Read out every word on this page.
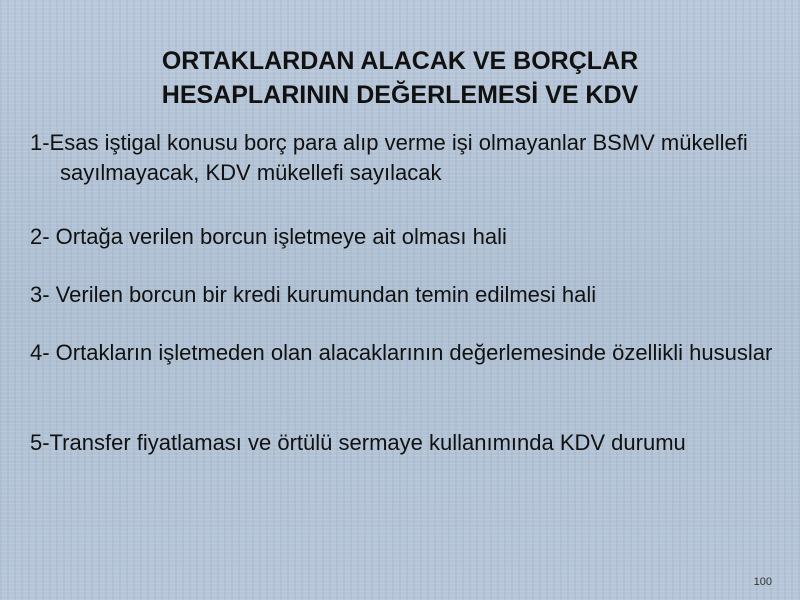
ORTAKLARDAN ALACAK VE BORÇLAR
HESAPLARININ DEĞERLEMESİ VE KDV

1-Esas iştigal konusu borç para alıp verme işi olmayanlar BSMV mükellefi sayılmayacak, KDV mükellefi sayılacak

2- Ortağa verilen borcun işletmeye ait olması hali

3- Verilen borcun bir kredi kurumundan temin edilmesi hali

4- Ortakların işletmeden olan alacaklarının değerlemesinde özellikli hususlar

5-Transfer fiyatlaması ve örtülü sermaye kullanımında KDV durumu

100
